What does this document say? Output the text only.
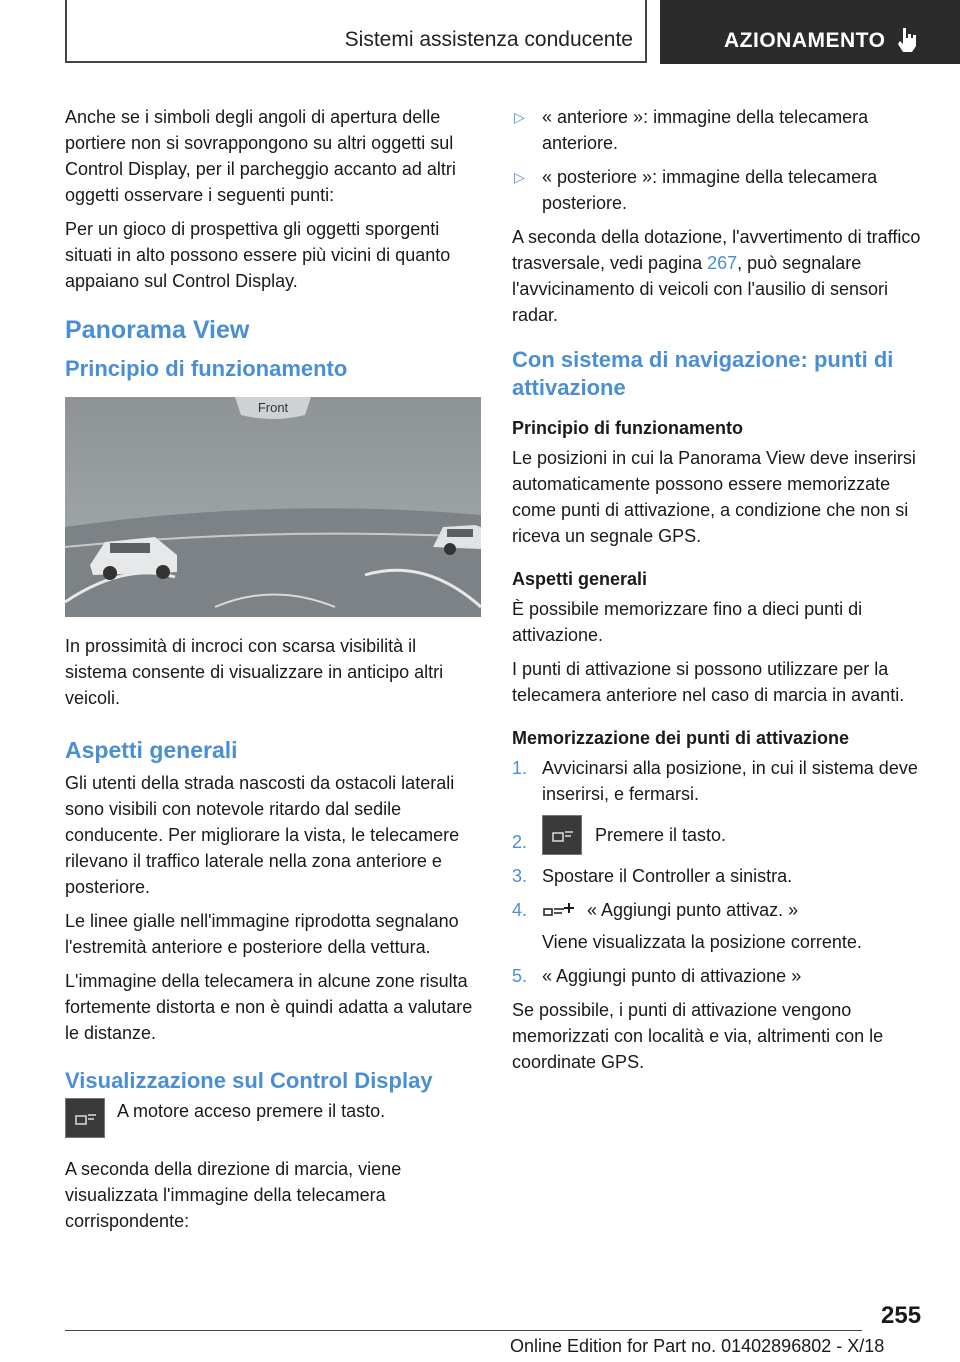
Sistemi assistenza conducente	AZIONAMENTO

Anche se i simboli degli angoli di apertura delle portiere non si sovrappongono su altri oggetti sul Control Display, per il parcheggio accanto ad altri oggetti osservare i seguenti punti:

Per un gioco di prospettiva gli oggetti sporgenti situati in alto possono essere più vicini di quanto appaiano sul Control Display.

Panorama View
Principio di funzionamento
Front

In prossimità di incroci con scarsa visibilità il sistema consente di visualizzare in anticipo altri veicoli.

Aspetti generali

Gli utenti della strada nascosti da ostacoli laterali sono visibili con notevole ritardo dal sedile conducente. Per migliorare la vista, le telecamere rilevano il traffico laterale nella zona anteriore e posteriore.

Le linee gialle nell'immagine riprodotta segnalano l'estremità anteriore e posteriore della vettura.

L'immagine della telecamera in alcune zone risulta fortemente distorta e non è quindi adatta a valutare le distanze.

Visualizzazione sul Control Display

A motore acceso premere il tasto.

A seconda della direzione di marcia, viene visualizzata l'immagine della telecamera corrispondente:

▷ « anteriore »: immagine della telecamera anteriore.
▷ « posteriore »: immagine della telecamera posteriore.

A seconda della dotazione, l'avvertimento di traffico trasversale, vedi pagina 267, può segnalare l'avvicinamento di veicoli con l'ausilio di sensori radar.

Con sistema di navigazione: punti di attivazione
Principio di funzionamento

Le posizioni in cui la Panorama View deve inserirsi automaticamente possono essere memorizzate come punti di attivazione, a condizione che non si riceva un segnale GPS.

Aspetti generali

È possibile memorizzare fino a dieci punti di attivazione.

I punti di attivazione si possono utilizzare per la telecamera anteriore nel caso di marcia in avanti.

Memorizzazione dei punti di attivazione
1. Avvicinarsi alla posizione, in cui il sistema deve inserirsi, e fermarsi.
2.	Premere il tasto.
3. Spostare il Controller a sinistra.
4.	« Aggiungi punto attivaz. »
Viene visualizzata la posizione corrente.
5. « Aggiungi punto di attivazione »

Se possibile, i punti di attivazione vengono memorizzati con località e via, altrimenti con le coordinate GPS.

255
Online Edition for Part no. 01402896802 - X/18
